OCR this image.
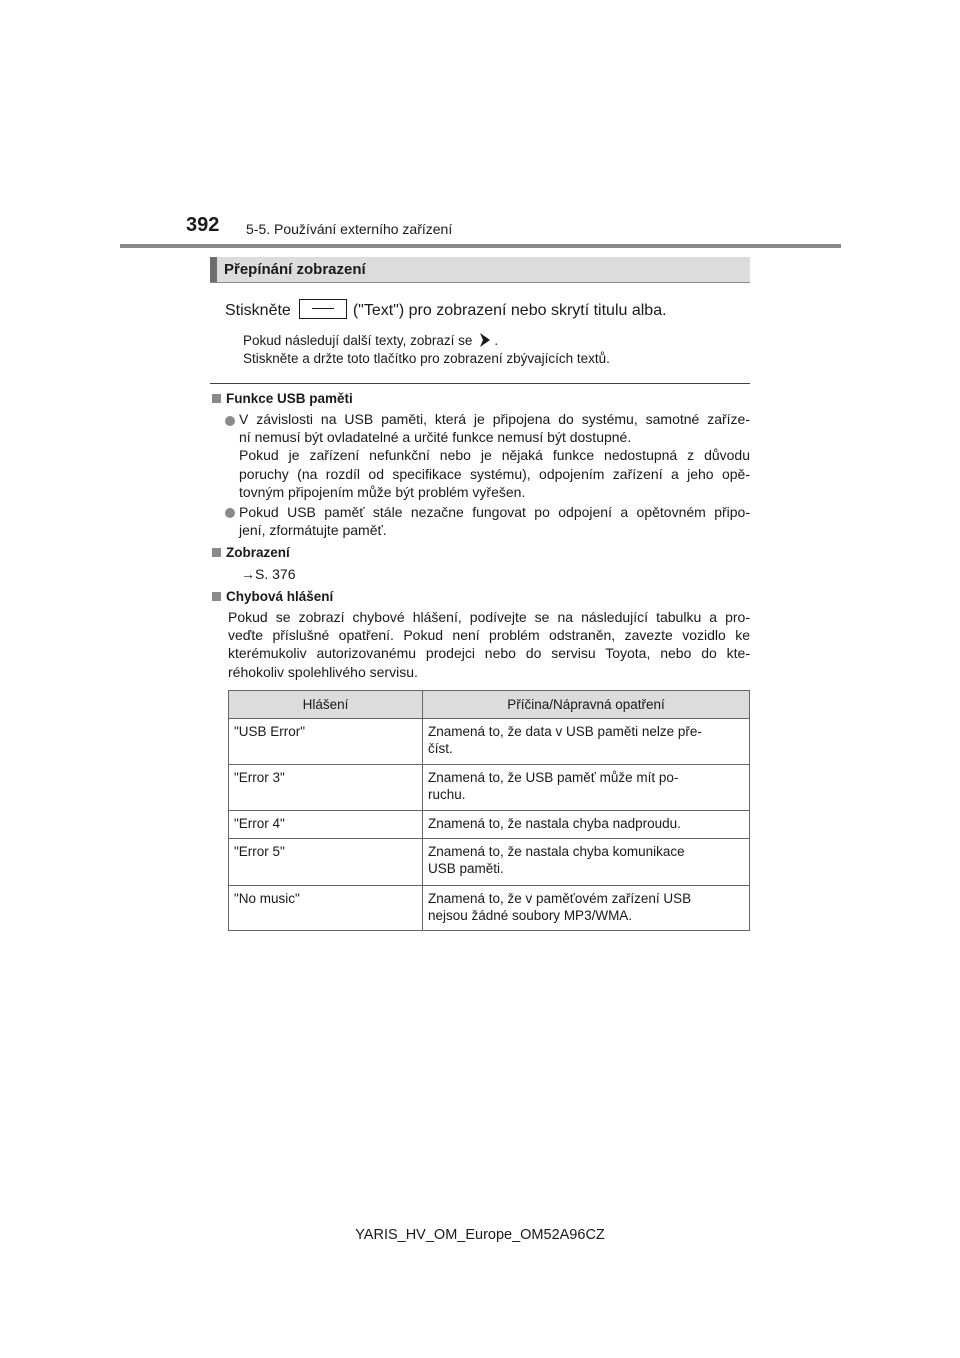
392 5-5. Používání externího zařízení
Přepínání zobrazení
Stiskněte	("Text") pro zobrazení nebo skrytí titulu alba.
Pokud následují další texty, zobrazí se .
Stiskněte a držte toto tlačítko pro zobrazení zbývajících textů.
Funkce USB paměti
V závislosti na USB paměti, která je připojena do systému, samotné zaříze-
ní nemusí být ovladatelné a určité funkce nemusí být dostupné.
Pokud je zařízení nefunkční nebo je nějaká funkce nedostupná z důvodu
poruchy (na rozdíl od specifikace systému), odpojením zařízení a jeho opě-
tovným připojením může být problém vyřešen.
Pokud USB paměť stále nezačne fungovat po odpojení a opětovném připo-
jení, zformátujte paměť.
Zobrazení
→S. 376
Chybová hlášení
Pokud se zobrazí chybové hlášení, podívejte se na následující tabulku a pro-
veďte příslušné opatření. Pokud není problém odstraněn, zavezte vozidlo ke
kterémukoliv autorizovanému prodejci nebo do servisu Toyota, nebo do kte-
réhokoliv spolehlivého servisu.
Hlášení	Příčina/Nápravná opatření
"USB Error"	Znamená to, že data v USB paměti nelze pře-
číst.
"Error 3"	Znamená to, že USB paměť může mít po-
ruchu.
"Error 4"	Znamená to, že nastala chyba nadproudu.
"Error 5"	Znamená to, že nastala chyba komunikace
USB paměti.
"No music"	Znamená to, že v paměťovém zařízení USB
nejsou žádné soubory MP3/WMA.
YARIS_HV_OM_Europe_OM52A96CZ
